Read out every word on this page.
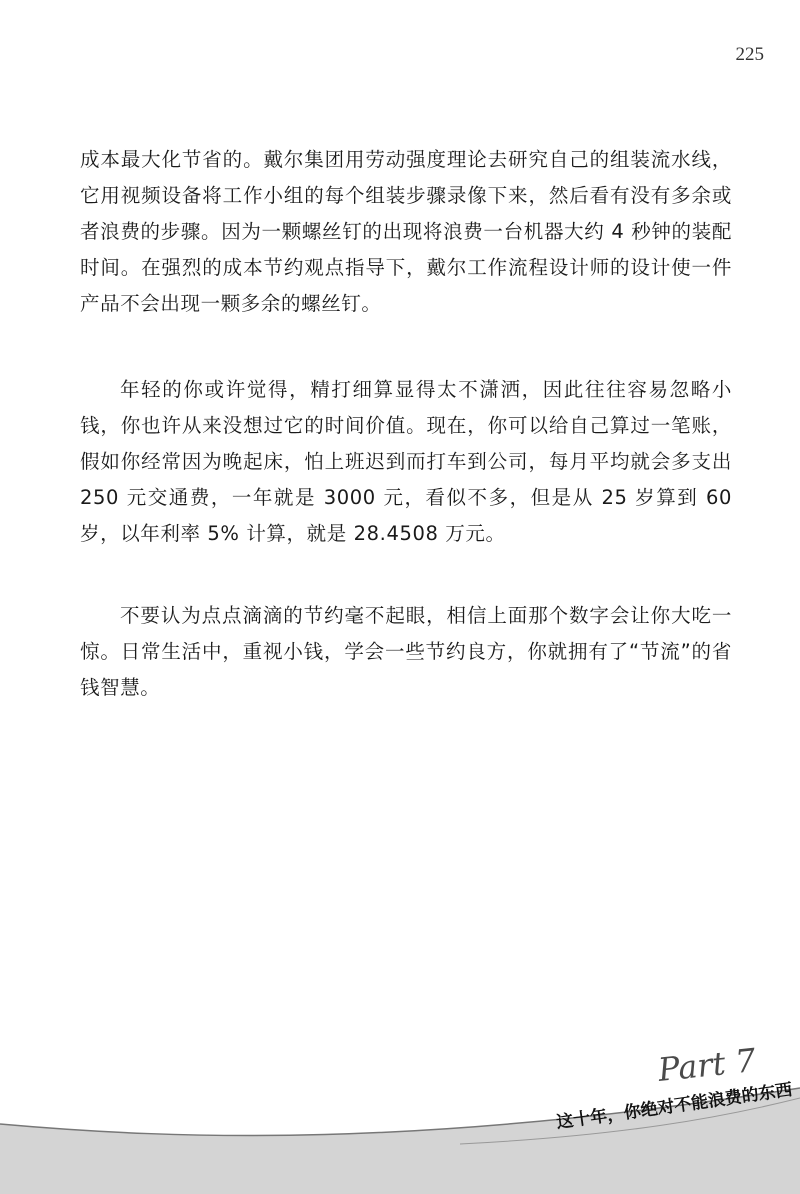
225

成本最大化节省的。戴尔集团用劳动强度理论去研究自己的组装流水线，它用视频设备将工作小组的每个组装步骤录像下来，然后看有没有多余或者浪费的步骤。因为一颗螺丝钉的出现将浪费一台机器大约 4 秒钟的装配时间。在强烈的成本节约观点指导下，戴尔工作流程设计师的设计使一件产品不会出现一颗多余的螺丝钉。

年轻的你或许觉得，精打细算显得太不潇洒，因此往往容易忽略小钱，你也许从来没想过它的时间价值。现在，你可以给自己算过一笔账，假如你经常因为晚起床，怕上班迟到而打车到公司，每月平均就会多支出 250 元交通费，一年就是 3000 元，看似不多，但是从 25 岁算到 60 岁，以年利率 5% 计算，就是 28.4508 万元。

不要认为点点滴滴的节约毫不起眼，相信上面那个数字会让你大吃一惊。日常生活中，重视小钱，学会一些节约良方，你就拥有了“节流”的省钱智慧。

Part 7
这十年，你绝对不能浪费的东西
